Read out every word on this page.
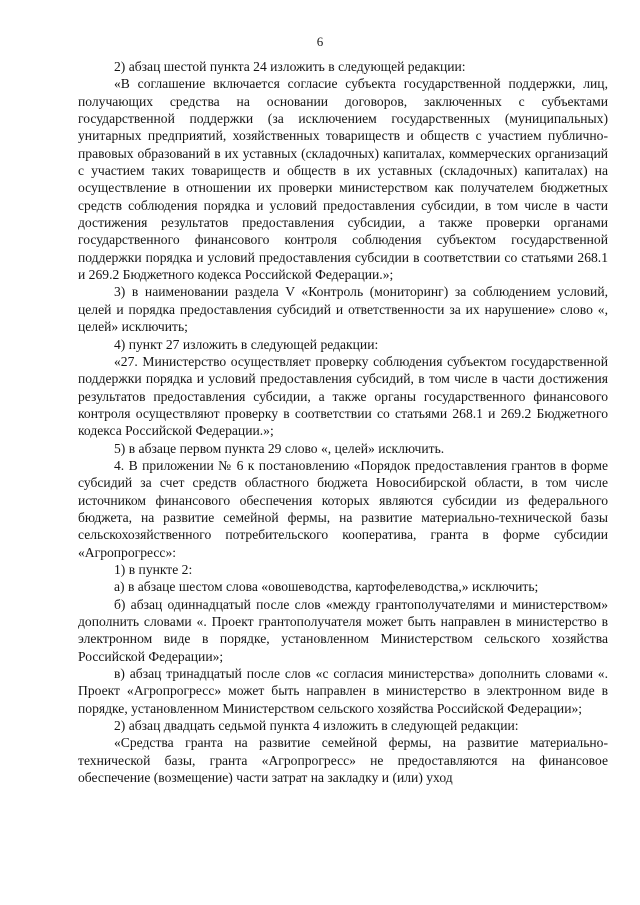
6

2) абзац шестой пункта 24 изложить в следующей редакции:

«В соглашение включается согласие субъекта государственной поддержки, лиц, получающих средства на основании договоров, заключенных с субъектами государственной поддержки (за исключением государственных (муниципальных) унитарных предприятий, хозяйственных товариществ и обществ с участием публично-правовых образований в их уставных (складочных) капиталах, коммерческих организаций с участием таких товариществ и обществ в их уставных (складочных) капиталах) на осуществление в отношении их проверки министерством как получателем бюджетных средств соблюдения порядка и условий предоставления субсидии, в том числе в части достижения результатов предоставления субсидии, а также проверки органами государственного финансового контроля соблюдения субъектом государственной поддержки порядка и условий предоставления субсидии в соответствии со статьями 268.1 и 269.2 Бюджетного кодекса Российской Федерации.»;

3) в наименовании раздела V «Контроль (мониторинг) за соблюдением условий, целей и порядка предоставления субсидий и ответственности за их нарушение» слово «, целей» исключить;

4) пункт 27 изложить в следующей редакции:

«27. Министерство осуществляет проверку соблюдения субъектом государственной поддержки порядка и условий предоставления субсидий, в том числе в части достижения результатов предоставления субсидии, а также органы государственного финансового контроля осуществляют проверку в соответствии со статьями 268.1 и 269.2 Бюджетного кодекса Российской Федерации.»;

5) в абзаце первом пункта 29 слово «, целей» исключить.

4. В приложении № 6 к постановлению «Порядок предоставления грантов в форме субсидий за счет средств областного бюджета Новосибирской области, в том числе источником финансового обеспечения которых являются субсидии из федерального бюджета, на развитие семейной фермы, на развитие материально-технической базы сельскохозяйственного потребительского кооператива, гранта в форме субсидии «Агропрогресс»:

1) в пункте 2:

а) в абзаце шестом слова «овошеводства, картофелеводства,» исключить;

б) абзац одиннадцатый после слов «между грантополучателями и министерством» дополнить словами «. Проект грантополучателя может быть направлен в министерство в электронном виде в порядке, установленном Министерством сельского хозяйства Российской Федерации»;

в) абзац тринадцатый после слов «с согласия министерства» дополнить словами «. Проект «Агропрогресс» может быть направлен в министерство в электронном виде в порядке, установленном Министерством сельского хозяйства Российской Федерации»;

2) абзац двадцать седьмой пункта 4 изложить в следующей редакции:

«Средства гранта на развитие семейной фермы, на развитие материально-технической базы, гранта «Агропрогресс» не предоставляются на финансовое обеспечение (возмещение) части затрат на закладку и (или) уход
